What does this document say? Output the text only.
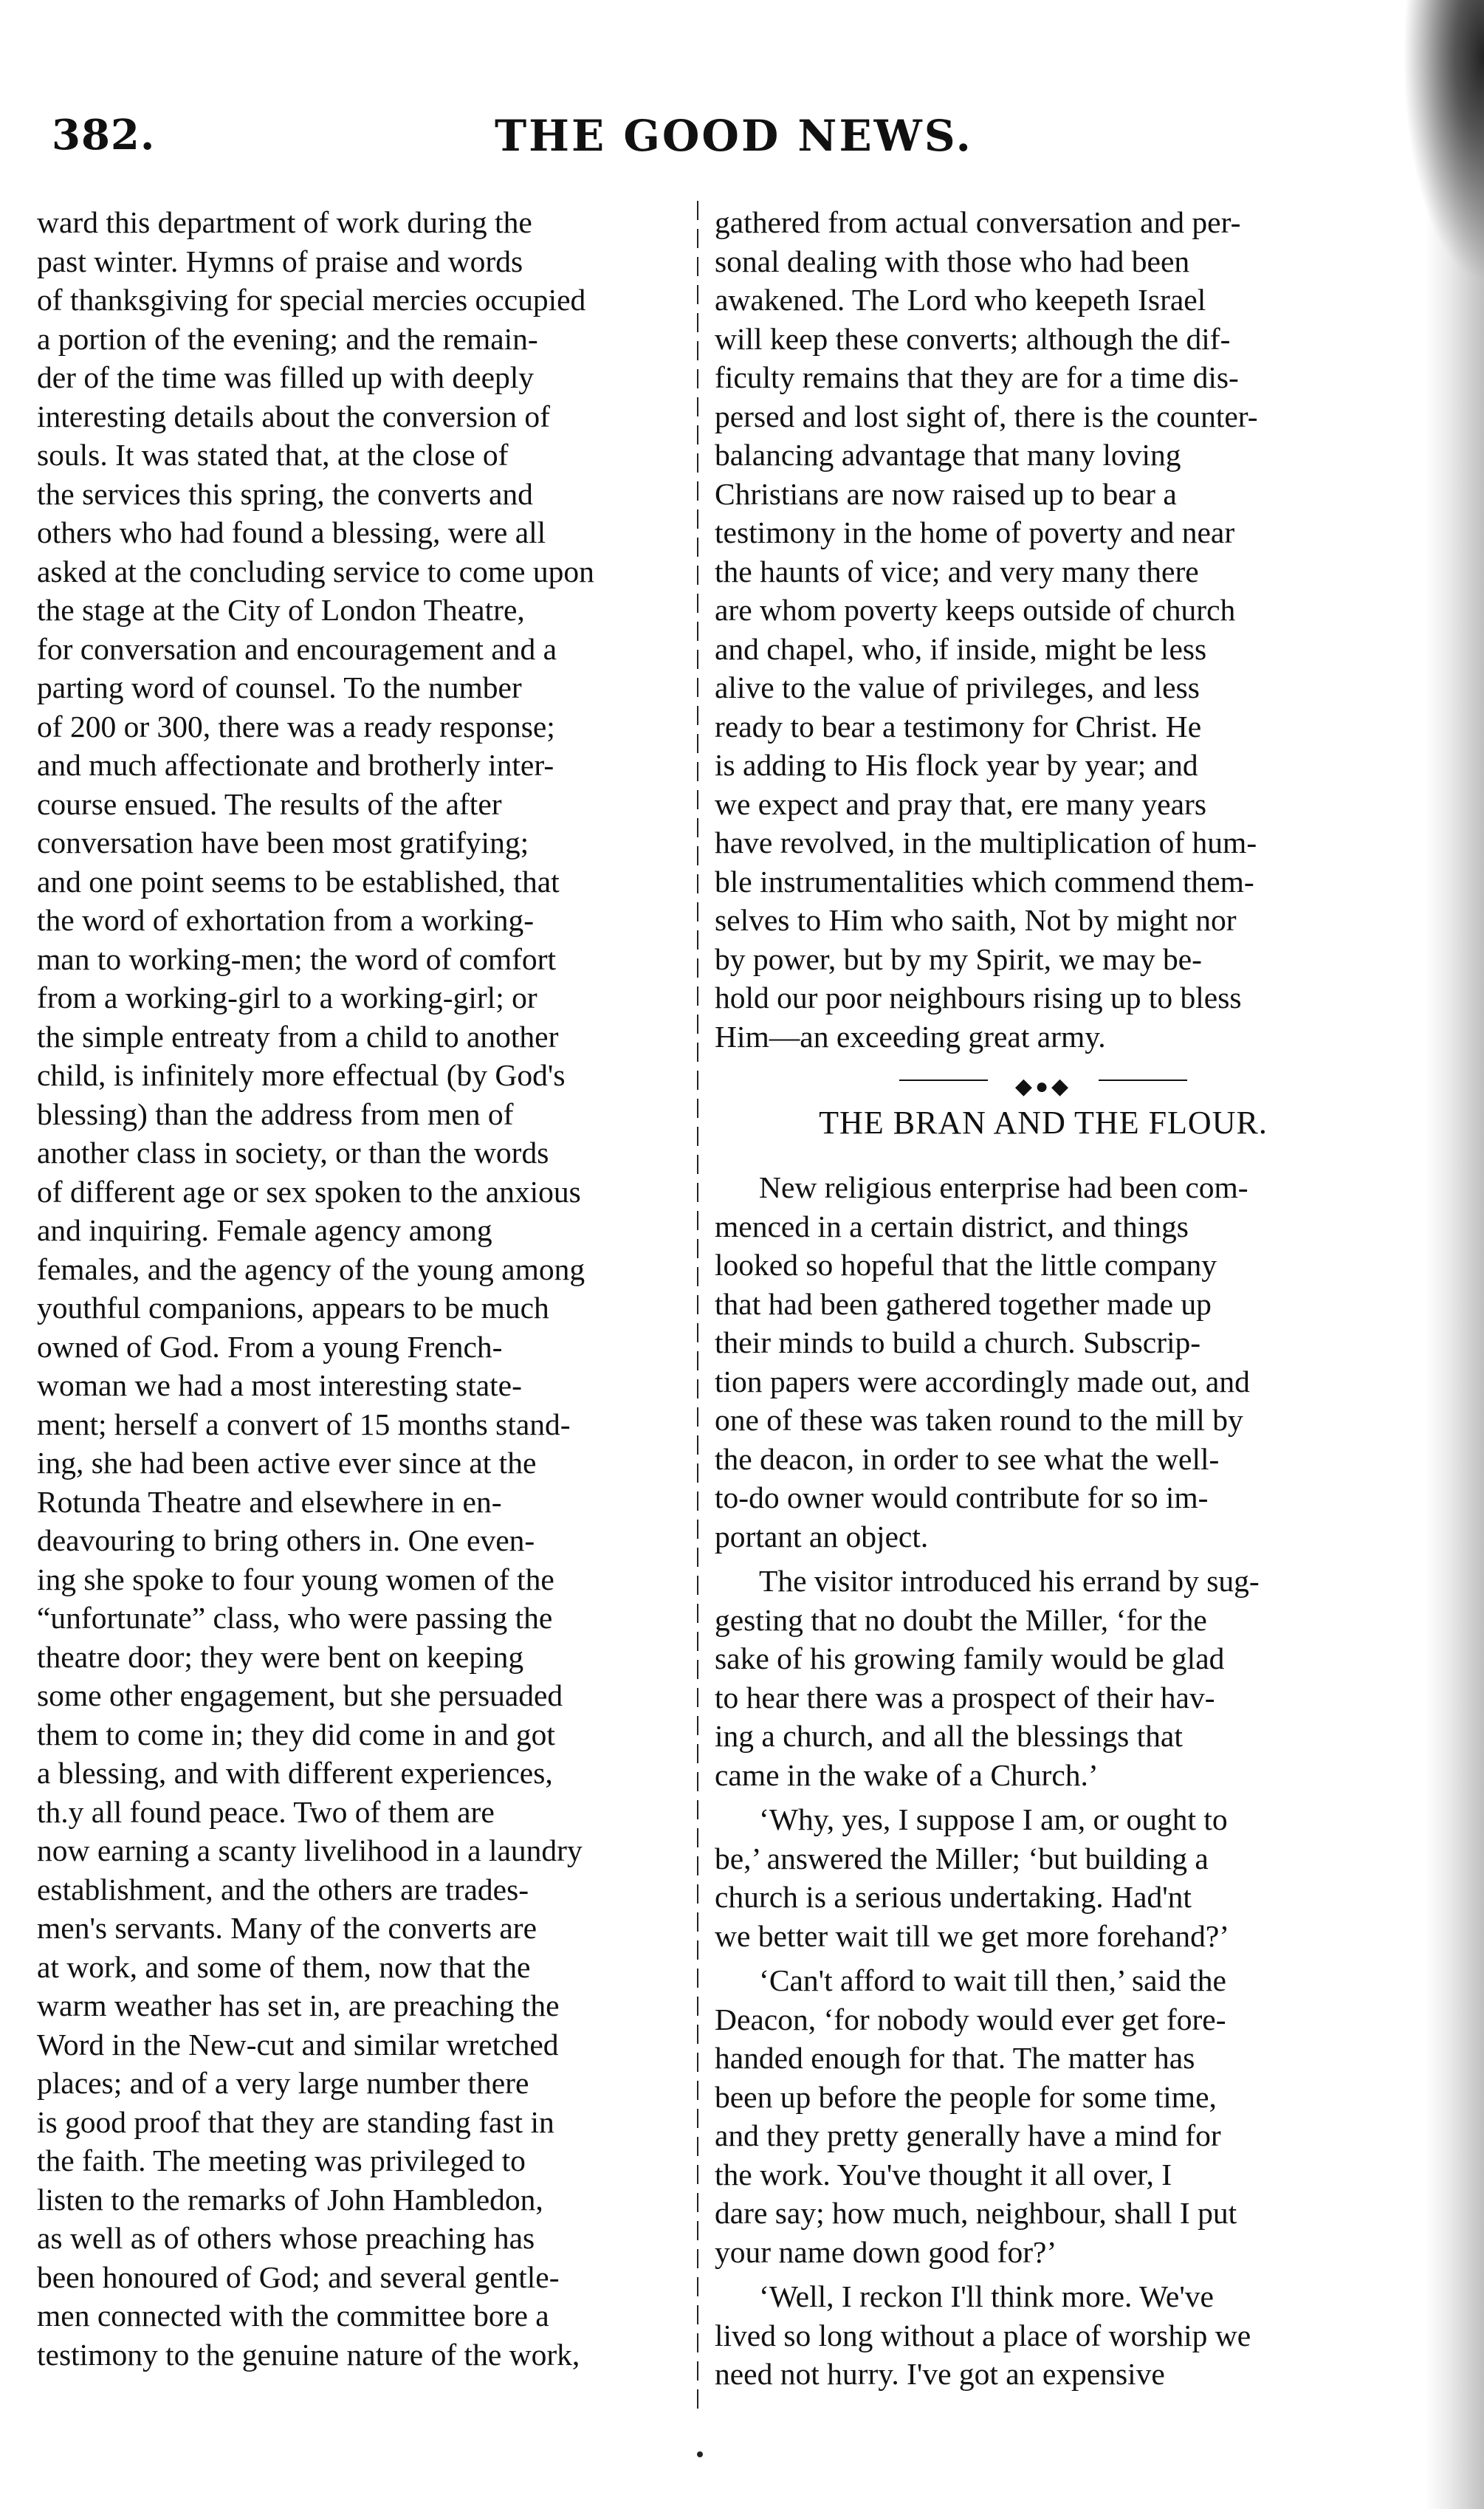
382.	THE GOOD NEWS.
ward this department of work during the
past winter. Hymns of praise and words
of thanksgiving for special mercies occupied
a portion of the evening; and the remain-
der of the time was filled up with deeply
interesting details about the conversion of
souls. It was stated that, at the close of
the services this spring, the converts and
others who had found a blessing, were all
asked at the concluding service to come upon
the stage at the City of London Theatre,
for conversation and encouragement and a
parting word of counsel. To the number
of 200 or 300, there was a ready response;
and much affectionate and brotherly inter-
course ensued. The results of the after
conversation have been most gratifying;
and one point seems to be established, that
the word of exhortation from a working-
man to working-men; the word of comfort
from a working-girl to a working-girl; or
the simple entreaty from a child to another
child, is infinitely more effectual (by God's
blessing) than the address from men of
another class in society, or than the words
of different age or sex spoken to the anxious
and inquiring. Female agency among
females, and the agency of the young among
youthful companions, appears to be much
owned of God. From a young French-
woman we had a most interesting state-
ment; herself a convert of 15 months stand-
ing, she had been active ever since at the
Rotunda Theatre and elsewhere in en-
deavouring to bring others in. One even-
ing she spoke to four young women of the
“unfortunate” class, who were passing the
theatre door; they were bent on keeping
some other engagement, but she persuaded
them to come in; they did come in and got
a blessing, and with different experiences,
th.y all found peace. Two of them are
now earning a scanty livelihood in a laundry
establishment, and the others are trades-
men's servants. Many of the converts are
at work, and some of them, now that the
warm weather has set in, are preaching the
Word in the New-cut and similar wretched
places; and of a very large number there
is good proof that they are standing fast in
the faith. The meeting was privileged to
listen to the remarks of John Hambledon,
as well as of others whose preaching has
been honoured of God; and several gentle-
men connected with the committee bore a
testimony to the genuine nature of the work,
gathered from actual conversation and per-
sonal dealing with those who had been
awakened. The Lord who keepeth Israel
will keep these converts; although the dif-
ficulty remains that they are for a time dis-
persed and lost sight of, there is the counter-
balancing advantage that many loving
Christians are now raised up to bear a
testimony in the home of poverty and near
the haunts of vice; and very many there
are whom poverty keeps outside of church
and chapel, who, if inside, might be less
alive to the value of privileges, and less
ready to bear a testimony for Christ. He
is adding to His flock year by year; and
we expect and pray that, ere many years
have revolved, in the multiplication of hum-
ble instrumentalities which commend them-
selves to Him who saith, Not by might nor
by power, but by my Spirit, we may be-
hold our poor neighbours rising up to bless
Him—an exceeding great army.
◆●◆
THE BRAN AND THE FLOUR.
New religious enterprise had been com-
menced in a certain district, and things
looked so hopeful that the little company
that had been gathered together made up
their minds to build a church. Subscrip-
tion papers were accordingly made out, and
one of these was taken round to the mill by
the deacon, in order to see what the well-
to-do owner would contribute for so im-
portant an object.
The visitor introduced his errand by sug-
gesting that no doubt the Miller, ‘for the
sake of his growing family would be glad
to hear there was a prospect of their hav-
ing a church, and all the blessings that
came in the wake of a Church.’
‘Why, yes, I suppose I am, or ought to
be,’ answered the Miller; ‘but building a
church is a serious undertaking. Had'nt
we better wait till we get more forehand?’
‘Can't afford to wait till then,’ said the
Deacon, ‘for nobody would ever get fore-
handed enough for that. The matter has
been up before the people for some time,
and they pretty generally have a mind for
the work. You've thought it all over, I
dare say; how much, neighbour, shall I put
your name down good for?’
‘Well, I reckon I'll think more. We've
lived so long without a place of worship we
need not hurry. I've got an expensive
